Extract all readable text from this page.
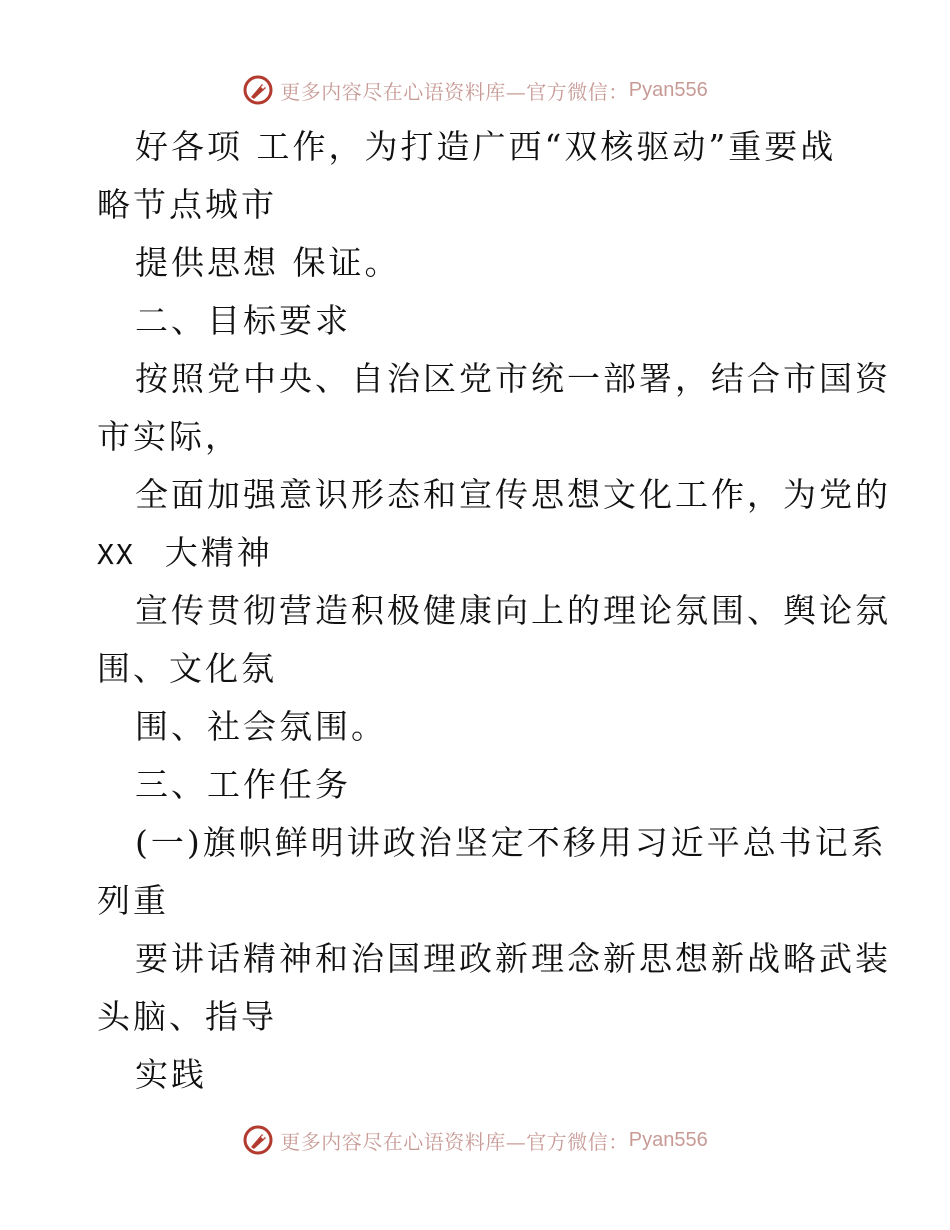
更多内容尽在心语资料库—官方微信： Pyan556
好各项 工作，为打造广西“双核驱动”重要战
略节点城市
提供思想 保证。
二、目标要求
按照党中央、自治区党市统一部署，结合市国资
市实际，
全面加强意识形态和宣传思想文化工作，为党的
XX 大精神
宣传贯彻营造积极健康向上的理论氛围、舆论氛
围、文化氛
围、社会氛围。
三、工作任务
(一)旗帜鲜明讲政治坚定不移用习近平总书记系
列重
要讲话精神和治国理政新理念新思想新战略武装
头脑、指导
实践
更多内容尽在心语资料库—官方微信： Pyan556
